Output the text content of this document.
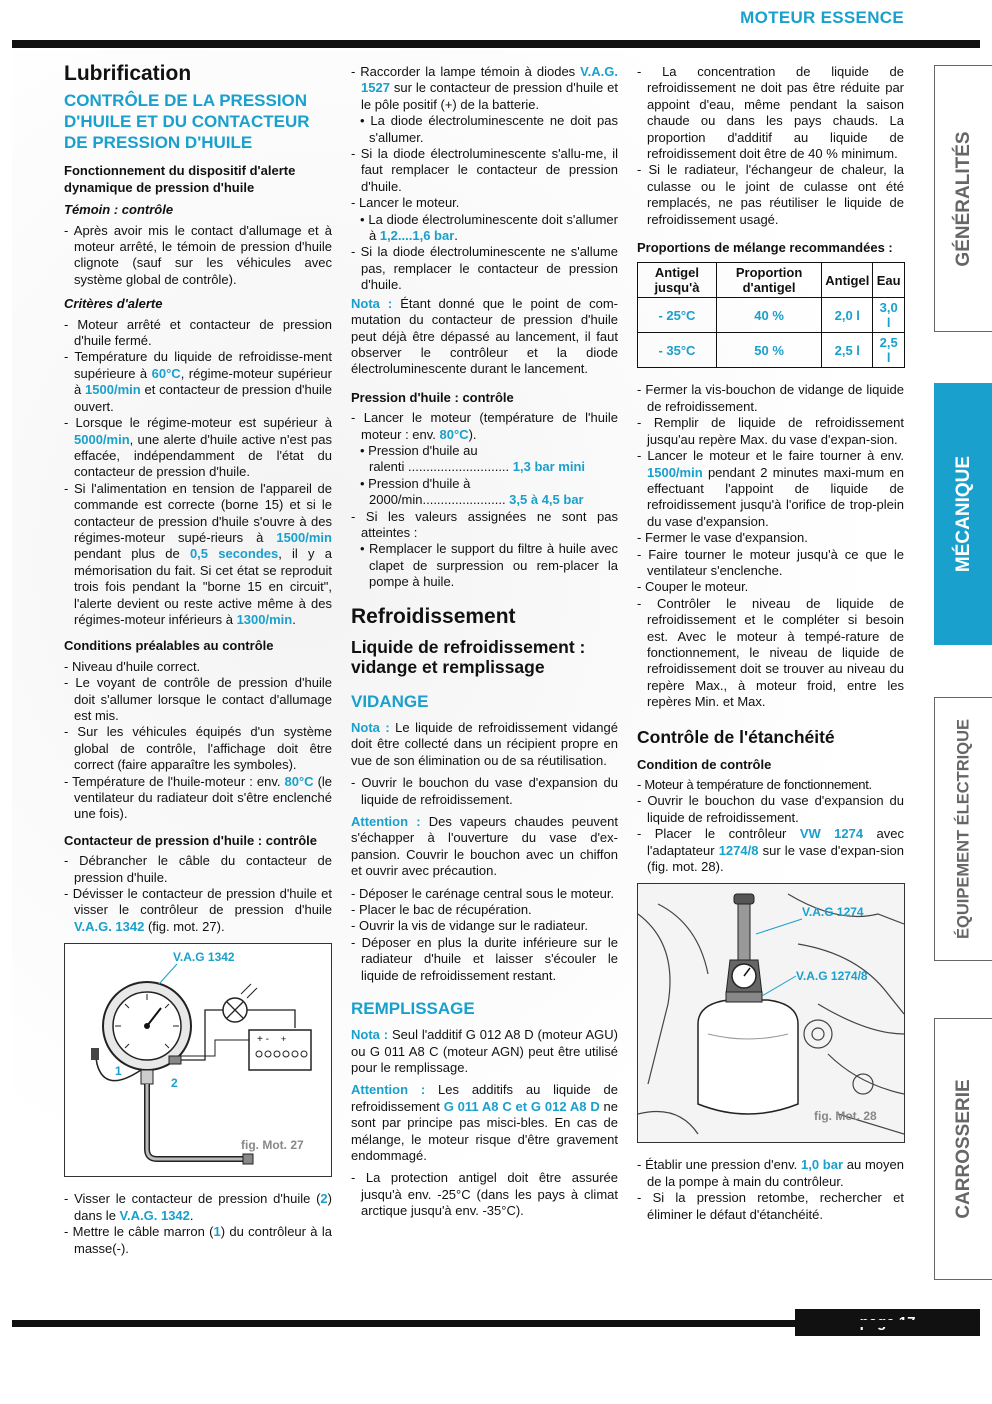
MOTEUR ESSENCE
GÉNÉRALITÉS
MÉCANIQUE
ÉQUIPEMENT ÉLECTRIQUE
CARROSSERIE
Lubrification
CONTRÔLE DE LA PRESSION D'HUILE ET DU CONTACTEUR DE PRESSION D'HUILE
Fonctionnement du dispositif d'alerte dynamique de pression d'huile
Témoin : contrôle

- Après avoir mis le contact d'allumage et à moteur arrêté, le témoin de pression d'huile clignote (sauf sur les véhicules avec système global de contrôle).

Critères d'alerte

- Moteur arrêté et contacteur de pression d'huile fermé.

- Température du liquide de refroidisse-ment supérieure à 60°C, régime-moteur supérieur à 1500/min et contacteur de pression d'huile ouvert.

- Lorsque le régime-moteur est supérieur à 5000/min, une alerte d'huile active n'est pas effacée, indépendamment de l'état du contacteur de pression d'huile.

- Si l'alimentation en tension de l'appareil de commande est correcte (borne 15) et si le contacteur de pression d'huile s'ouvre à des régimes-moteur supé-rieurs à 1500/min pendant plus de 0,5 secondes, il y a mémorisation du fait. Si cet état se reproduit trois fois pendant la "borne 15 en circuit", l'alerte devient ou reste active même à des régimes-moteur inférieurs à 1300/min.

Conditions préalables au contrôle

- Niveau d'huile correct.

- Le voyant de contrôle de pression d'huile doit s'allumer lorsque le contact d'allumage est mis.

- Sur les véhicules équipés d'un système global de contrôle, l'affichage doit être correct (faire apparaître les symboles).

- Température de l'huile-moteur : env. 80°C (le ventilateur du radiateur doit s'être enclenché une fois).

Contacteur de pression d'huile : contrôle

- Débrancher le câble du contacteur de pression d'huile.

- Dévisser le contacteur de pression d'huile et visser le contrôleur de pression d'huile V.A.G. 1342 (fig. mot. 27).

+ - +
V.A.G 1342
1
2
fig. Mot. 27

- Visser le contacteur de pression d'huile (2) dans le V.A.G. 1342.

- Mettre le câble marron (1) du contrôleur à la masse(-).

- Raccorder la lampe témoin à diodes V.A.G. 1527 sur le contacteur de pression d'huile et le pôle positif (+) de la batterie.

• La diode électroluminescente ne doit pas s'allumer.

- Si la diode électroluminescente s'allu-me, il faut remplacer le contacteur de pression d'huile.

- Lancer le moteur.

• La diode électroluminescente doit s'allumer à 1,2....1,6 bar.

- Si la diode électroluminescente ne s'allume pas, remplacer le contacteur de pression d'huile.

Nota : Étant donné que le point de com-mutation du contacteur de pression d'huile peut déjà être dépassé au lancement, il faut observer le contrôleur et la diode électroluminescente durant le lancement.

Pression d'huile : contrôle

- Lancer le moteur (température de l'huile moteur : env. 80°C).

• Pression d'huile au

ralenti ............................ 1,3 bar mini

• Pression d'huile à

2000/min....................... 3,5 à 4,5 bar

- Si les valeurs assignées ne sont pas atteintes :

• Remplacer le support du filtre à huile avec clapet de surpression ou rem-placer la pompe à huile.

Refroidissement
Liquide de refroidissement : vidange et remplissage
VIDANGE

Nota : Le liquide de refroidissement vidangé doit être collecté dans un récipient propre en vue de son élimination ou de sa réutilisation.

- Ouvrir le bouchon du vase d'expansion du liquide de refroidissement.

Attention : Des vapeurs chaudes peuvent s'échapper à l'ouverture du vase d'ex-pansion. Couvrir le bouchon avec un chiffon et ouvrir avec précaution.

- Déposer le carénage central sous le moteur.

- Placer le bac de récupération.

- Ouvrir la vis de vidange sur le radiateur.

- Déposer en plus la durite inférieure sur le radiateur d'huile et laisser s'écouler le liquide de refroidissement restant.

REMPLISSAGE

Nota : Seul l'additif G 012 A8 D (moteur AGU) ou G 011 A8 C (moteur AGN) peut être utilisé pour le remplissage.

Attention : Les additifs au liquide de refroidissement G 011 A8 C et G 012 A8 D ne sont par principe pas misci-bles. En cas de mélange, le moteur risque d'être gravement endommagé.

- La protection antigel doit être assurée jusqu'à env. -25°C (dans les pays à climat arctique jusqu'à env. -35°C).

- La concentration de liquide de refroidissement ne doit pas être réduite par appoint d'eau, même pendant la saison chaude ou dans les pays chauds. La proportion d'additif au liquide de refroidissement doit être de 40 % minimum.

- Si le radiateur, l'échangeur de chaleur, la culasse ou le joint de culasse ont été remplacés, ne pas réutiliser le liquide de refroidissement usagé.

Proportions de mélange recommandées :
Antigel jusqu'à	Proportion d'antigel	Antigel	Eau
- 25°C	40 %	2,0 l	3,0 l
- 35°C	50 %	2,5 l	2,5 l

- Fermer la vis-bouchon de vidange de liquide de refroidissement.

- Remplir de liquide de refroidissement jusqu'au repère Max. du vase d'expan-sion.

- Lancer le moteur et le faire tourner à env. 1500/min pendant 2 minutes maxi-mum en effectuant l'appoint de liquide de refroidissement jusqu'à l'orifice de trop-plein du vase d'expansion.

- Fermer le vase d'expansion.

- Faire tourner le moteur jusqu'à ce que le ventilateur s'enclenche.

- Couper le moteur.

- Contrôler le niveau de liquide de refroidissement et le compléter si besoin est. Avec le moteur à tempé-rature de fonctionnement, le niveau de liquide de refroidissement doit se trouver au niveau du repère Max., à moteur froid, entre les repères Min. et Max.

Contrôle de l'étanchéité
Condition de contrôle

- Moteur à température de fonctionnement.

- Ouvrir le bouchon du vase d'expansion du liquide de refroidissement.

- Placer le contrôleur VW 1274 avec l'adaptateur 1274/8 sur le vase d'expan-sion (fig. mot. 28).

V.A.G 1274
V.A.G 1274/8
fig. Mot. 28

- Établir une pression d'env. 1,0 bar au moyen de la pompe à main du contrôleur.

- Si la pression retombe, rechercher et éliminer le défaut d'étanchéité.
